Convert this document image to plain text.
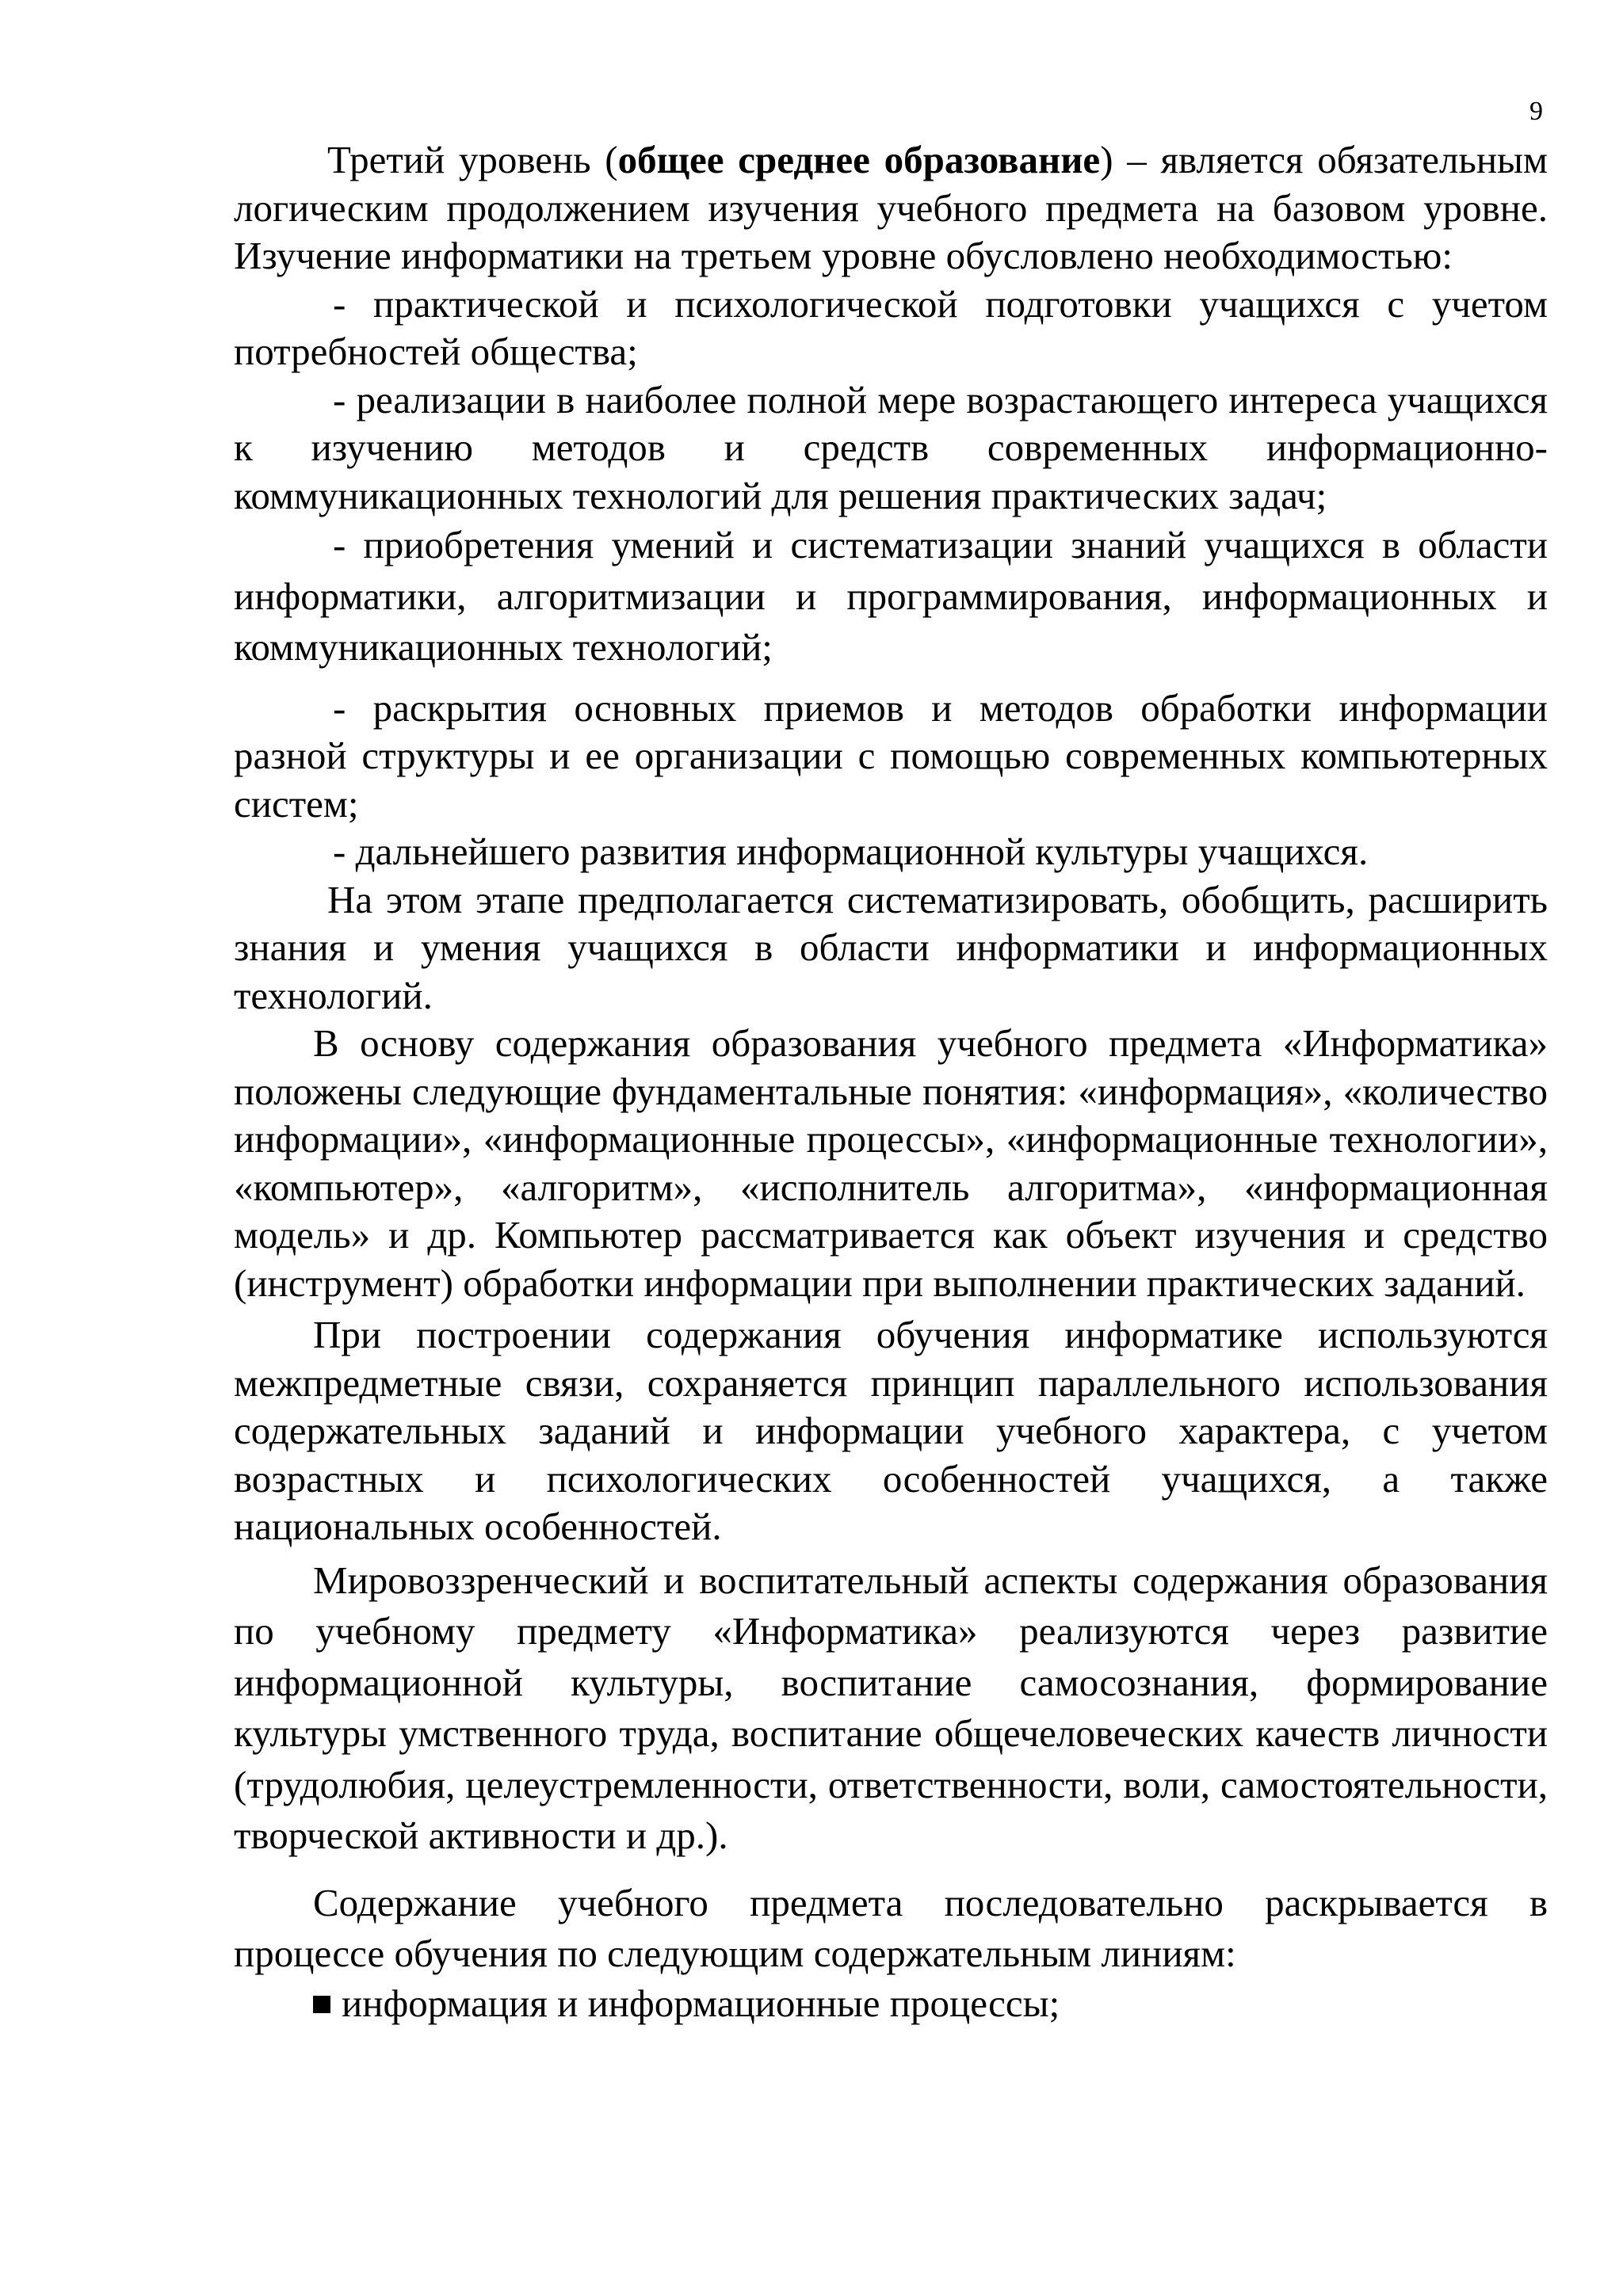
9

Третий уровень (общее среднее образование) – является обязательным логическим продолжением изучения учебного предмета на базовом уровне. Изучение информатики на третьем уровне обусловлено необходимостью:

- практической и психологической подготовки учащихся с учетом потребностей общества;

- реализации в наиболее полной мере возрастающего интереса учащихся к изучению методов и средств современных информационно-коммуникационных технологий для решения практических задач;

- приобретения умений и систематизации знаний учащихся в области информатики, алгоритмизации и программирования, информационных и коммуникационных технологий;

- раскрытия основных приемов и методов обработки информации разной структуры и ее организации с помощью современных компьютерных систем;

- дальнейшего развития информационной культуры учащихся.

На этом этапе предполагается систематизировать, обобщить, расширить знания и умения учащихся в области информатики и информационных технологий.

В основу содержания образования учебного предмета «Информатика» положены следующие фундаментальные понятия: «информация», «количество информации», «информационные процессы», «информационные технологии», «компьютер», «алгоритм», «исполнитель алгоритма», «информационная модель» и др. Компьютер рассматривается как объект изучения и средство (инструмент) обработки информации при выполнении практических заданий.

При построении содержания обучения информатике используются межпредметные связи, сохраняется принцип параллельного использования содержательных заданий и информации учебного характера, с учетом возрастных и психологических особенностей учащихся, а также национальных особенностей.

Мировоззренческий и воспитательный аспекты содержания образования по учебному предмету «Информатика» реализуются через развитие информационной культуры, воспитание самосознания, формирование культуры умственного труда, воспитание общечеловеческих качеств личности (трудолюбия, целеустремленности, ответственности, воли, самостоятельности, творческой активности и др.).

Содержание учебного предмета последовательно раскрывается в процессе обучения по следующим содержательным линиям:

информация и информационные процессы;
